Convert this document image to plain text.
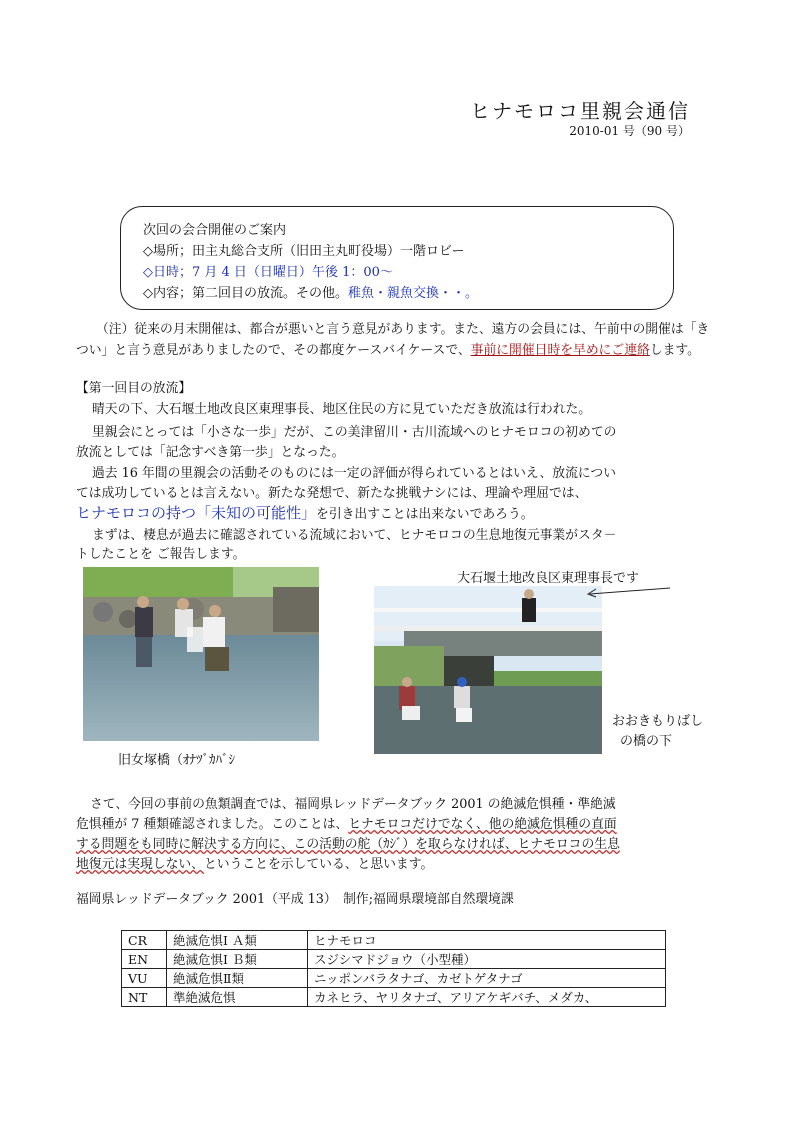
ヒナモロコ里親会通信
2010-01 号（90 号）
次回の会合開催のご案内
◇場所；田主丸総合支所（旧田主丸町役場）一階ロビー
◇日時；7 月 4 日（日曜日）午後 1：00～
◇内容；第二回目の放流。その他。稚魚・親魚交換・・。
（注）従来の月末開催は、都合が悪いと言う意見があります。また、遠方の会員には、午前中の開催は「き
つい」と言う意見がありましたので、その都度ケースバイケースで、事前に開催日時を早めにご連絡します。
【第一回目の放流】
晴天の下、大石堰土地改良区東理事長、地区住民の方に見ていただき放流は行われた。
里親会にとっては「小さな一歩」だが、この美津留川・古川流域へのヒナモロコの初めての
放流としては「記念すべき第一歩」となった。
過去 16 年間の里親会の活動そのものには一定の評価が得られているとはいえ、放流につい
ては成功しているとは言えない。新たな発想で、新たな挑戦ナシには、理論や理屈では、
ヒナモロコの持つ「未知の可能性」を引き出すことは出来ないであろう。
まずは、棲息が過去に確認されている流域において、ヒナモロコの生息地復元事業がスタ－
トしたことを ご報告します。
旧女塚橋（ｵﾅﾂﾞｶﾊﾞｼ
大石堰土地改良区東理事長です
おおきもりばし
の橋の下
さて、今回の事前の魚類調査では、福岡県レッドデータブック 2001 の絶滅危惧種・準絶滅
危惧種が 7 種類確認されました。このことは、ヒナモロコだけでなく、他の絶滅危惧種の直面
する問題をも同時に解決する方向に、この活動の舵（ｶｼﾞ）を取らなければ、ヒナモロコの生息
地復元は実現しない、ということを示している、と思います。
福岡県レッドデータブック 2001（平成 13）　制作;福岡県環境部自然環境課
CR	絶滅危惧Ⅰ Ａ類	ヒナモロコ
EN	絶滅危惧Ⅰ Ｂ類	スジシマドジョウ（小型種）
VU	絶滅危惧Ⅱ類	ニッポンバラタナゴ、カゼトゲタナゴ
NT	準絶滅危惧	カネヒラ、ヤリタナゴ、アリアケギバチ、メダカ、
